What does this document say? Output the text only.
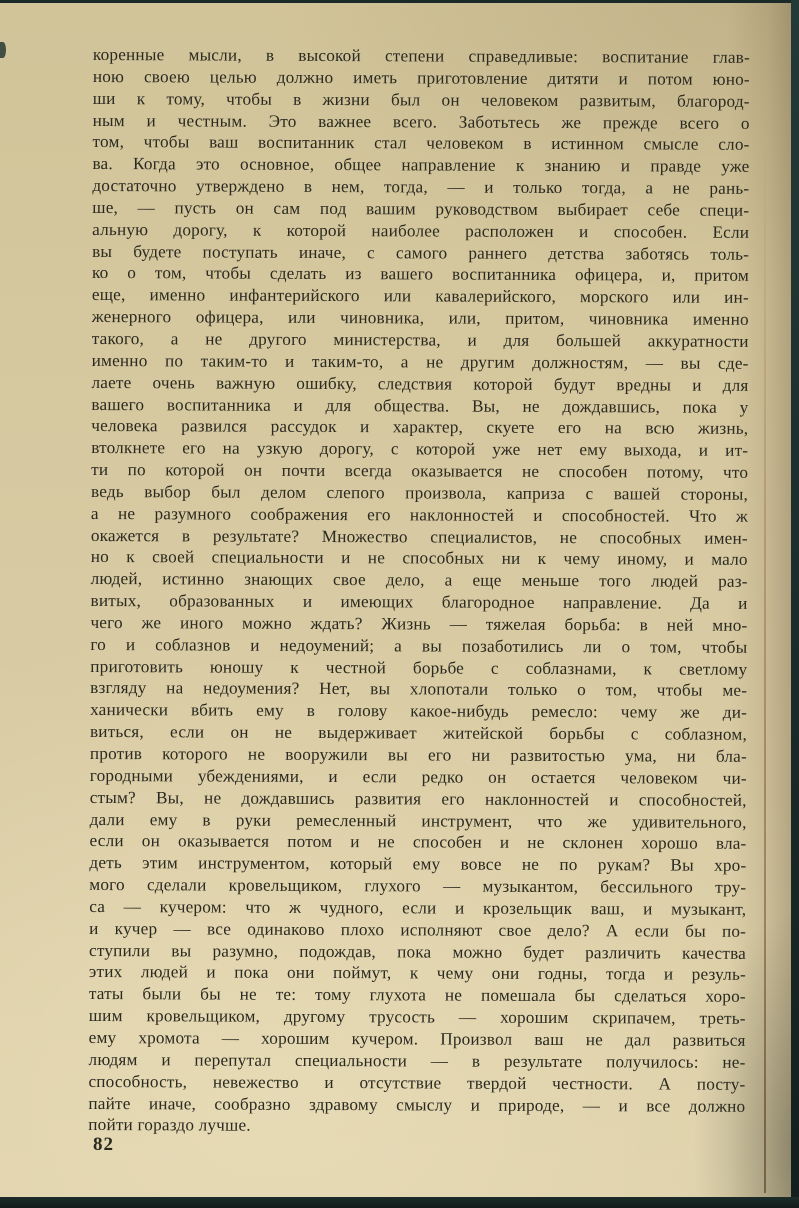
коренные мысли, в высокой степени справедливые: воспитание глав-
ною своею целью должно иметь приготовление дитяти и потом юно-
ши к тому, чтобы в жизни был он человеком развитым, благород-
ным и честным. Это важнее всего. Заботьтесь же прежде всего о
том, чтобы ваш воспитанник стал человеком в истинном смысле сло-
ва. Когда это основное, общее направление к знанию и правде уже
достаточно утверждено в нем, тогда, — и только тогда, а не рань-
ше, — пусть он сам под вашим руководством выбирает себе специ-
альную дорогу, к которой наиболее расположен и способен. Если
вы будете поступать иначе, с самого раннего детства заботясь толь-
ко о том, чтобы сделать из вашего воспитанника офицера, и, притом
еще, именно инфантерийского или кавалерийского, морского или ин-
женерного офицера, или чиновника, или, притом, чиновника именно
такого, а не другого министерства, и для большей аккуратности
именно по таким-то и таким-то, а не другим должностям, — вы сде-
лаете очень важную ошибку, следствия которой будут вредны и для
вашего воспитанника и для общества. Вы, не дождавшись, пока у
человека развился рассудок и характер, скуете его на всю жизнь,
втолкнете его на узкую дорогу, с которой уже нет ему выхода, и ит-
ти по которой он почти всегда оказывается не способен потому, что
ведь выбор был делом слепого произвола, каприза с вашей стороны,
а не разумного соображения его наклонностей и способностей. Что ж
окажется в результате? Множество специалистов, не способных имен-
но к своей специальности и не способных ни к чему иному, и мало
людей, истинно знающих свое дело, а еще меньше того людей раз-
витых, образованных и имеющих благородное направление. Да и
чего же иного можно ждать? Жизнь — тяжелая борьба: в ней мно-
го и соблазнов и недоумений; а вы позаботились ли о том, чтобы
приготовить юношу к честной борьбе с соблазнами, к светлому
взгляду на недоумения? Нет, вы хлопотали только о том, чтобы ме-
ханически вбить ему в голову какое-нибудь ремесло: чему же ди-
виться, если он не выдерживает житейской борьбы с соблазном,
против которого не вооружили вы его ни развитостью ума, ни бла-
городными убеждениями, и если редко он остается человеком чи-
стым? Вы, не дождавшись развития его наклонностей и способностей,
дали ему в руки ремесленный инструмент, что же удивительного,
если он оказывается потом и не способен и не склонен хорошо вла-
деть этим инструментом, который ему вовсе не по рукам? Вы хро-
мого сделали кровельщиком, глухого — музыкантом, бессильного тру-
са — кучером: что ж чудного, если и крозельщик ваш, и музыкант,
и кучер — все одинаково плохо исполняют свое дело? А если бы по-
ступили вы разумно, подождав, пока можно будет различить качества
этих людей и пока они поймут, к чему они годны, тогда и резуль-
таты были бы не те: тому глухота не помешала бы сделаться хоро-
шим кровельщиком, другому трусость — хорошим скрипачем, треть-
ему хромота — хорошим кучером. Произвол ваш не дал развиться
людям и перепутал специальности — в результате получилось: не-
способность, невежество и отсутствие твердой честности. А посту-
пайте иначе, сообразно здравому смыслу и природе, — и все должно
пойти гораздо лучше.
82
